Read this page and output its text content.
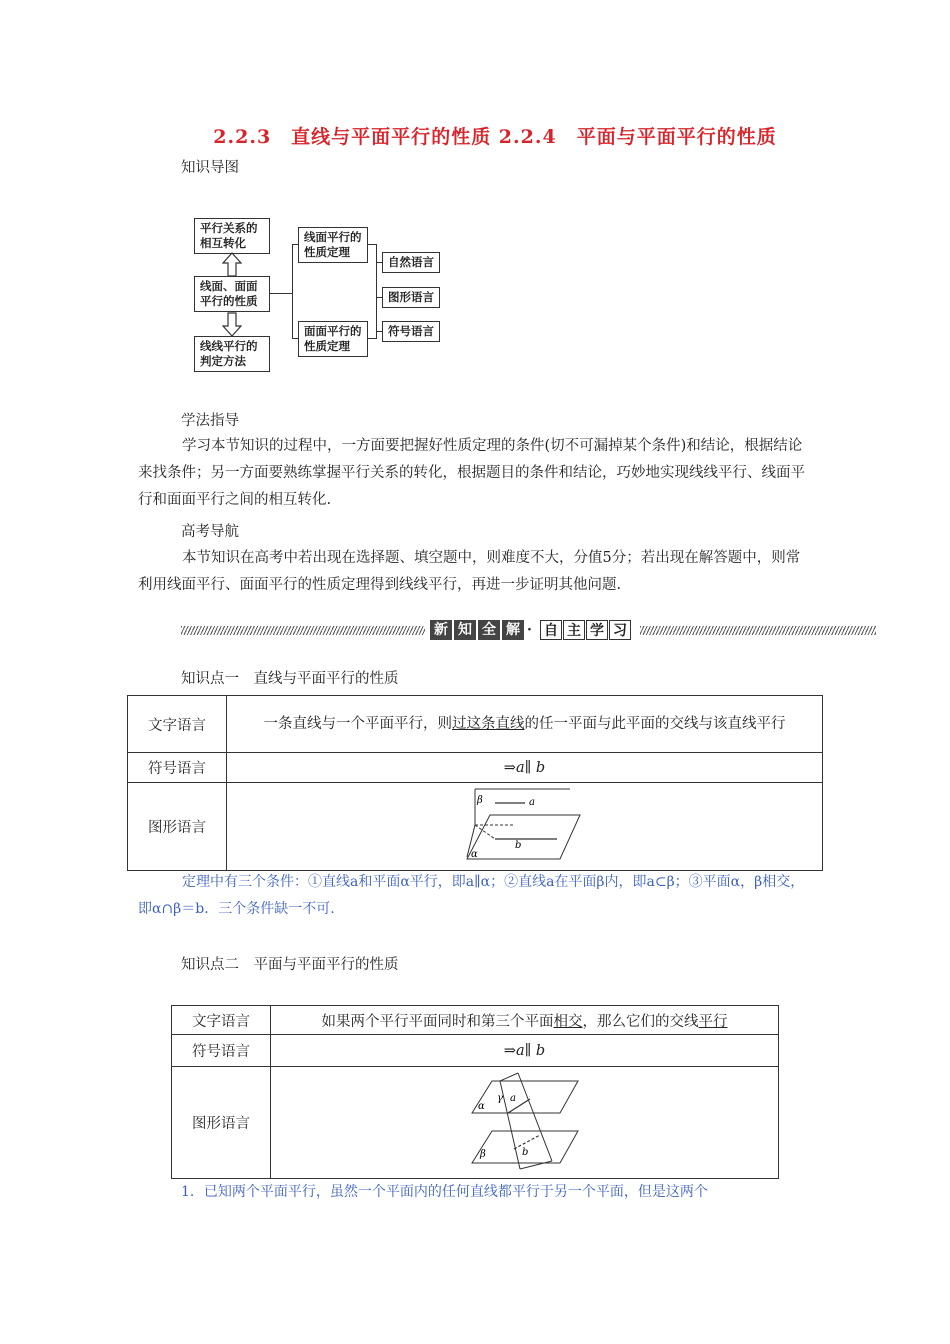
2.2.3　直线与平面平行的性质 2.2.4　平面与平面平行的性质
知识导图
平行关系的相互转化
线面、面面平行的性质
线线平行的判定方法
线面平行的性质定理
面面平行的性质定理
自然语言
图形语言
符号语言
学法指导
学习本节知识的过程中，一方面要把握好性质定理的条件(切不可漏掉某个条件)和结论，根据结论来找条件；另一方面要熟练掌握平行关系的转化，根据题目的条件和结论，巧妙地实现线线平行、线面平行和面面平行之间的相互转化.
高考导航
本节知识在高考中若出现在选择题、填空题中，则难度不大，分值5分；若出现在解答题中，则常利用线面平行、面面平行的性质定理得到线线平行，再进一步证明其他问题.
新 知 全 解 · 自 主 学 习
知识点一　直线与平面平行的性质
文字语言	一条直线与一个平面平行，则过这条直线的任一平面与此平面的交线与该直线平行
符号语言	⇒a∥ b
图形语言	β a
b
α
定理中有三个条件：①直线a和平面α平行，即a∥α；②直线a在平面β内，即a⊂β；③平面α，β相交，即α∩β＝b．三个条件缺一不可.
知识点二　平面与平面平行的性质
文字语言	如果两个平行平面同时和第三个平面相交，那么它们的交线平行
符号语言	⇒a∥ b
图形语言	α
γ a
β b
1．已知两个平面平行，虽然一个平面内的任何直线都平行于另一个平面，但是这两个
